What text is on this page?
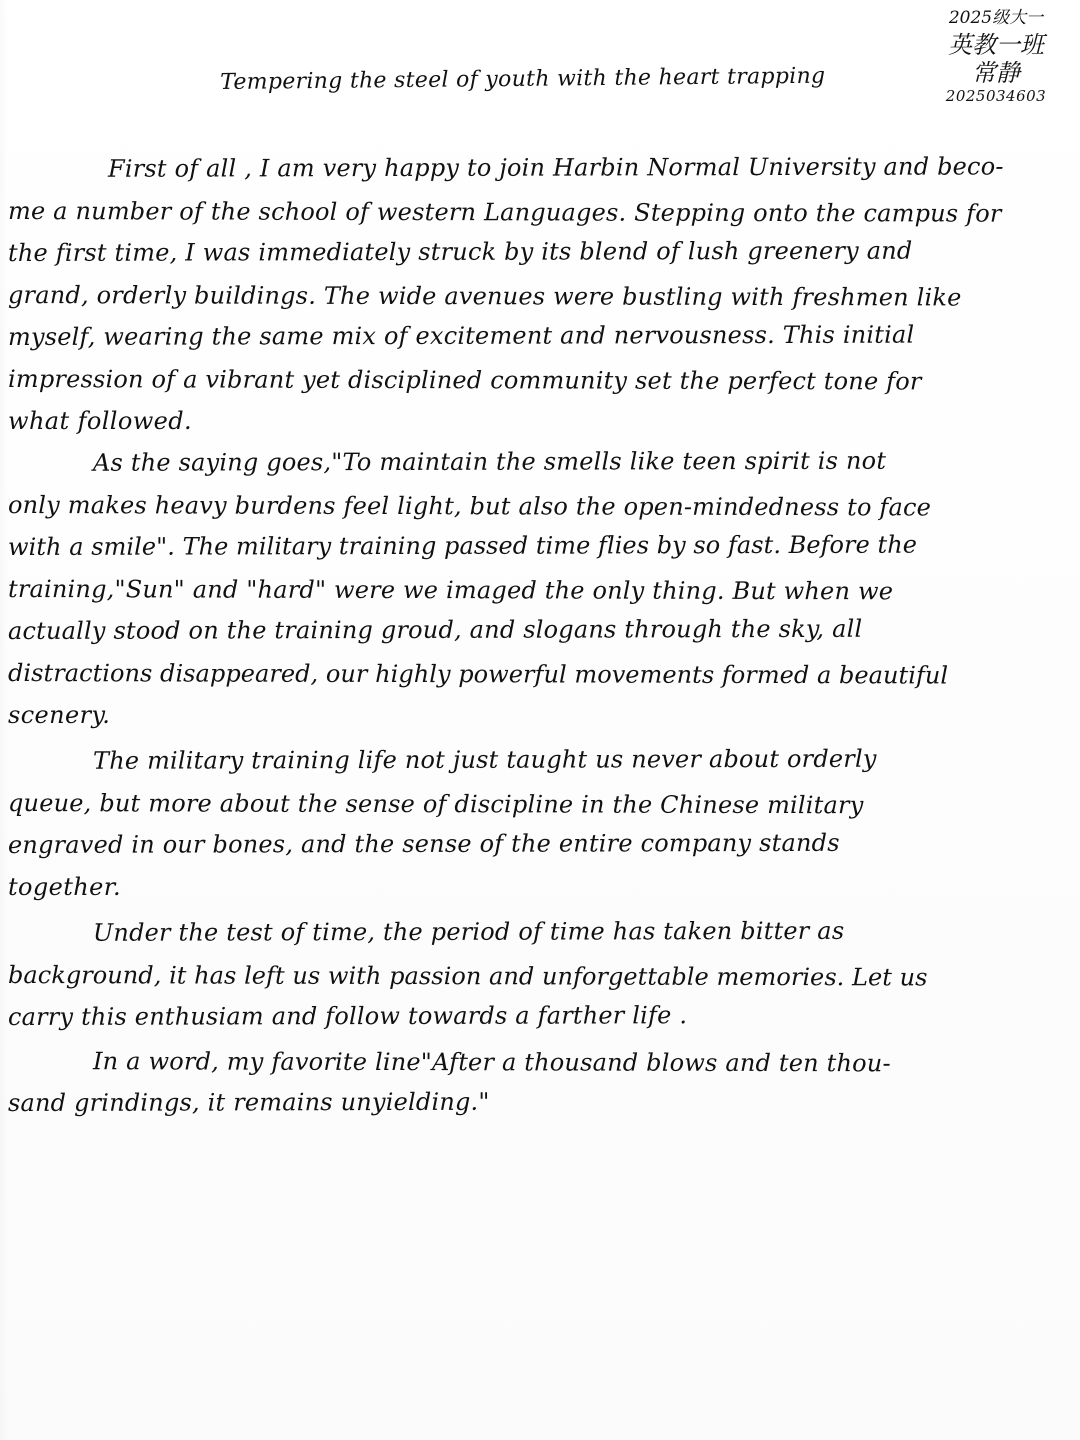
2025级大一
英教一班
常静
2025034603
Tempering the steel of youth with the heart trapping
First of all , I am very happy to join Harbin Normal University and beco-
me a number of the school of western Languages. Stepping onto the campus for
the first time, I was immediately struck by its blend of lush greenery and
grand, orderly buildings. The wide avenues were bustling with freshmen like
myself, wearing the same mix of excitement and nervousness. This initial
impression of a vibrant yet disciplined community set the perfect tone for
what followed.
As the saying goes,"To maintain the smells like teen spirit is not
only makes heavy burdens feel light, but also the open-mindedness to face
with a smile". The military training passed time flies by so fast. Before the
training,"Sun" and "hard" were we imaged the only thing. But when we
actually stood on the training groud, and slogans through the sky, all
distractions disappeared, our highly powerful movements formed a beautiful
scenery.
The military training life not just taught us never about orderly
queue, but more about the sense of discipline in the Chinese military
engraved in our bones, and the sense of the entire company stands
together.
Under the test of time, the period of time has taken bitter as
background, it has left us with passion and unforgettable memories. Let us
carry this enthusiam and follow towards a farther life .
In a word, my favorite line"After a thousand blows and ten thou-
sand grindings, it remains unyielding."
